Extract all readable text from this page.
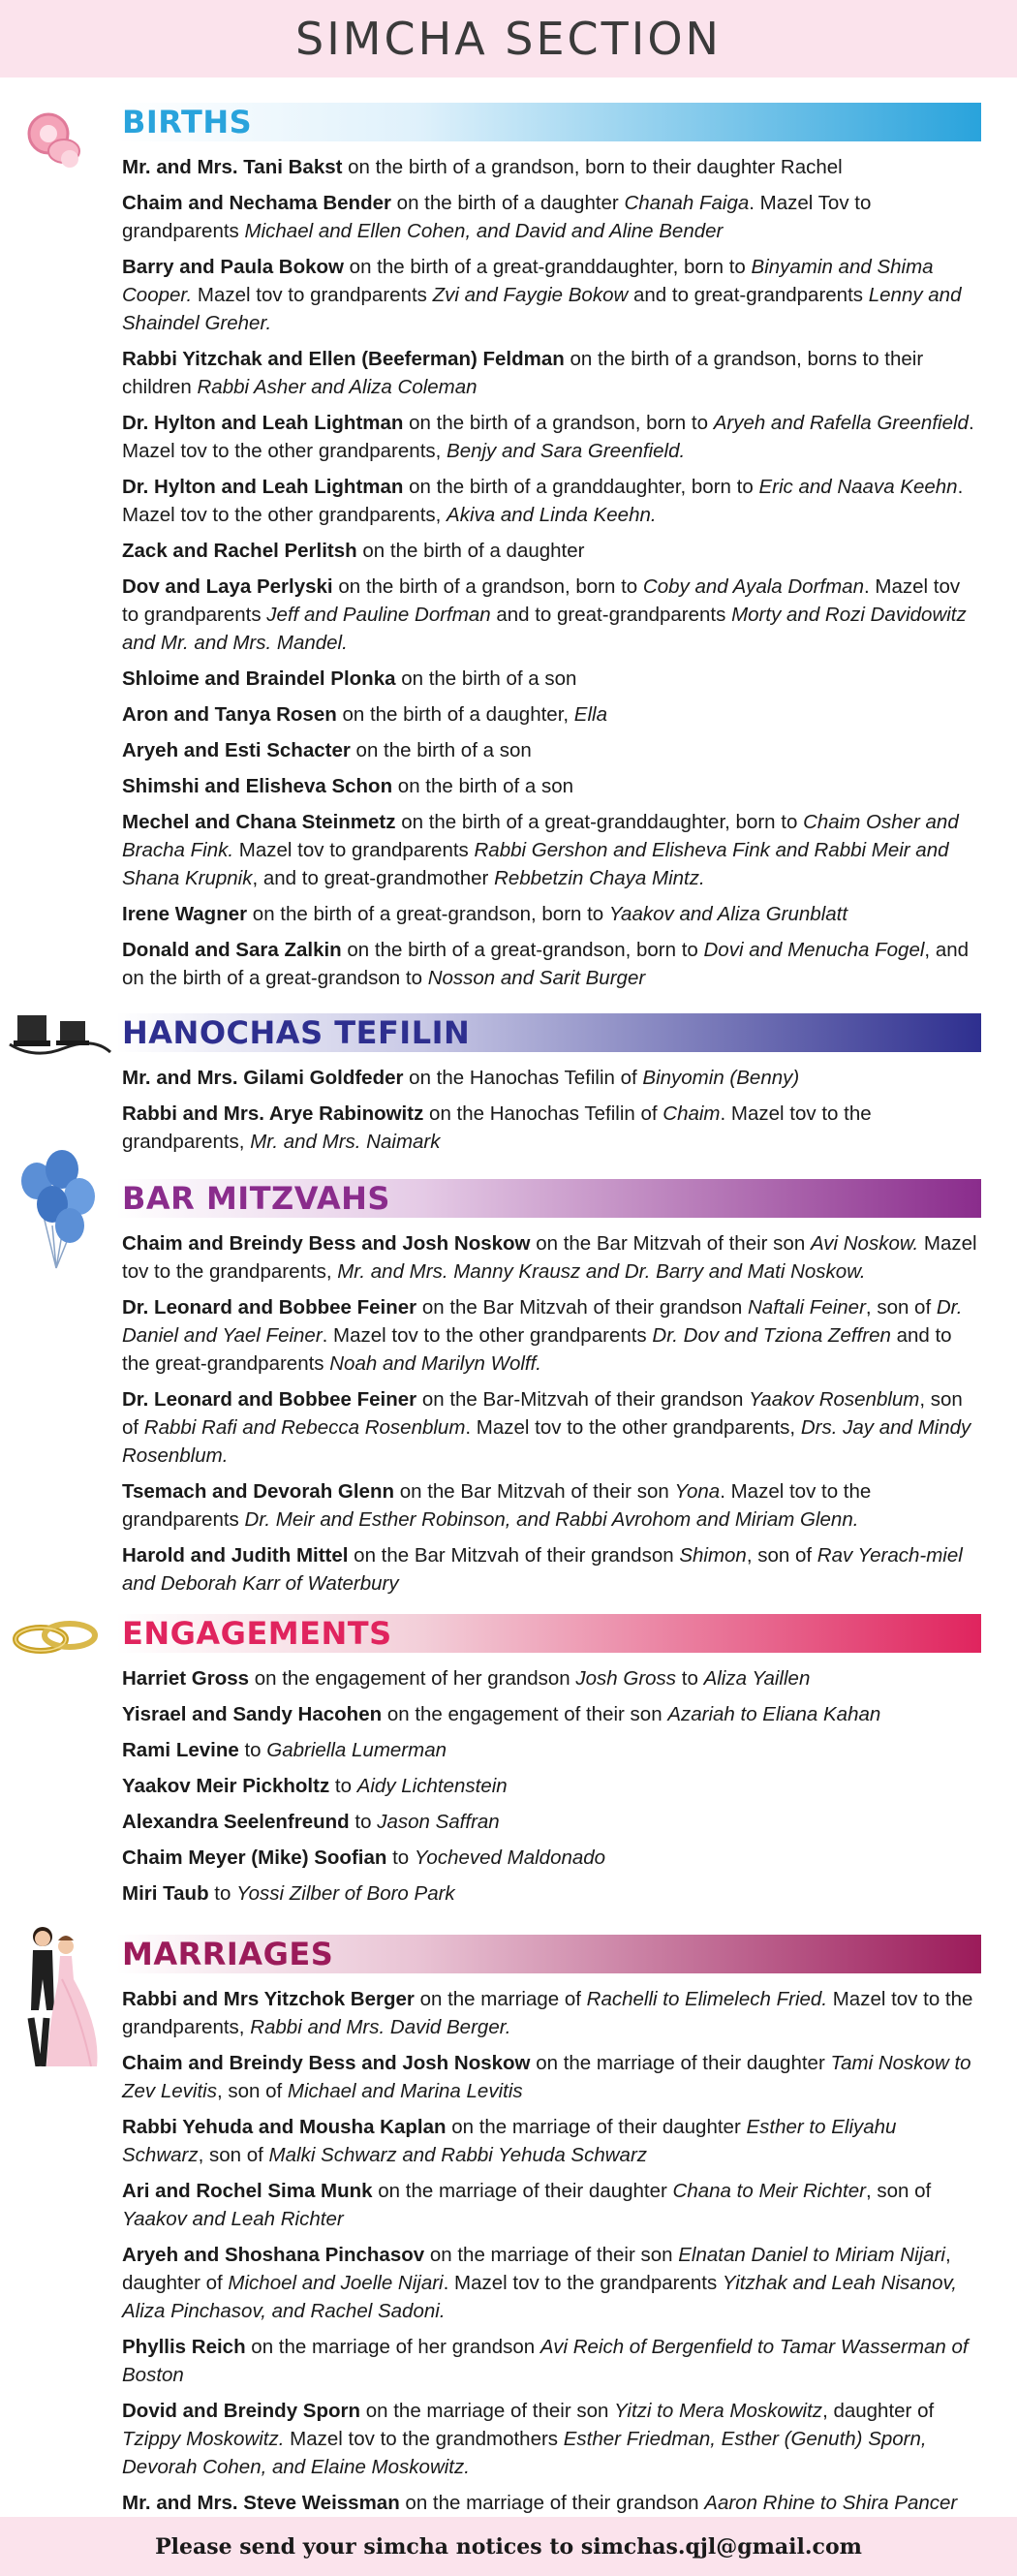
SIMCHA SECTION
BIRTHS

Mr. and Mrs. Tani Bakst on the birth of a grandson, born to their daughter Rachel

Chaim and Nechama Bender on the birth of a daughter Chanah Faiga. Mazel Tov to grandparents Michael and Ellen Cohen, and David and Aline Bender

Barry and Paula Bokow on the birth of a great-granddaughter, born to Binyamin and Shima Cooper. Mazel tov to grandparents Zvi and Faygie Bokow and to great-grandparents Lenny and Shaindel Greher.

Rabbi Yitzchak and Ellen (Beeferman) Feldman on the birth of a grandson, borns to their children Rabbi Asher and Aliza Coleman

Dr. Hylton and Leah Lightman on the birth of a grandson, born to Aryeh and Rafella Greenfield. Mazel tov to the other grandparents, Benjy and Sara Greenfield.

Dr. Hylton and Leah Lightman on the birth of a granddaughter, born to Eric and Naava Keehn. Mazel tov to the other grandparents, Akiva and Linda Keehn.

Zack and Rachel Perlitsh on the birth of a daughter

Dov and Laya Perlyski on the birth of a grandson, born to Coby and Ayala Dorfman. Mazel tov to grandparents Jeff and Pauline Dorfman and to great-grandparents Morty and Rozi Davidowitz and Mr. and Mrs. Mandel.

Shloime and Braindel Plonka on the birth of a son

Aron and Tanya Rosen on the birth of a daughter, Ella

Aryeh and Esti Schacter on the birth of a son

Shimshi and Elisheva Schon on the birth of a son

Mechel and Chana Steinmetz on the birth of a great-granddaughter, born to Chaim Osher and Bracha Fink. Mazel tov to grandparents Rabbi Gershon and Elisheva Fink and Rabbi Meir and Shana Krupnik, and to great-grandmother Rebbetzin Chaya Mintz.

Irene Wagner on the birth of a great-grandson, born to Yaakov and Aliza Grunblatt

Donald and Sara Zalkin on the birth of a great-grandson, born to Dovi and Menucha Fogel, and on the birth of a great-grandson to Nosson and Sarit Burger

HANOCHAS TEFILIN

Mr. and Mrs. Gilami Goldfeder on the Hanochas Tefilin of Binyomin (Benny)

Rabbi and Mrs. Arye Rabinowitz on the Hanochas Tefilin of Chaim. Mazel tov to the grandparents, Mr. and Mrs. Naimark

BAR MITZVAHS

Chaim and Breindy Bess and Josh Noskow on the Bar Mitzvah of their son Avi Noskow. Mazel tov to the grandparents, Mr. and Mrs. Manny Krausz and Dr. Barry and Mati Noskow.

Dr. Leonard and Bobbee Feiner on the Bar Mitzvah of their grandson Naftali Feiner, son of Dr. Daniel and Yael Feiner. Mazel tov to the other grandparents Dr. Dov and Tziona Zeffren and to the great-grandparents Noah and Marilyn Wolff.

Dr. Leonard and Bobbee Feiner on the Bar-Mitzvah of their grandson Yaakov Rosenblum, son of Rabbi Rafi and Rebecca Rosenblum. Mazel tov to the other grandparents, Drs. Jay and Mindy Rosenblum.

Tsemach and Devorah Glenn on the Bar Mitzvah of their son Yona. Mazel tov to the grandparents Dr. Meir and Esther Robinson, and Rabbi Avrohom and Miriam Glenn.

Harold and Judith Mittel on the Bar Mitzvah of their grandson Shimon, son of Rav Yerach-miel and Deborah Karr of Waterbury

ENGAGEMENTS

Harriet Gross on the engagement of her grandson Josh Gross to Aliza Yaillen

Yisrael and Sandy Hacohen on the engagement of their son Azariah to Eliana Kahan

Rami Levine to Gabriella Lumerman

Yaakov Meir Pickholtz to Aidy Lichtenstein

Alexandra Seelenfreund to Jason Saffran

Chaim Meyer (Mike) Soofian to Yocheved Maldonado

Miri Taub to Yossi Zilber of Boro Park

MARRIAGES

Rabbi and Mrs Yitzchok Berger on the marriage of Rachelli to Elimelech Fried. Mazel tov to the grandparents, Rabbi and Mrs. David Berger.

Chaim and Breindy Bess and Josh Noskow on the marriage of their daughter Tami Noskow to Zev Levitis, son of Michael and Marina Levitis

Rabbi Yehuda and Mousha Kaplan on the marriage of their daughter Esther to Eliyahu Schwarz, son of Malki Schwarz and Rabbi Yehuda Schwarz

Ari and Rochel Sima Munk on the marriage of their daughter Chana to Meir Richter, son of Yaakov and Leah Richter

Aryeh and Shoshana Pinchasov on the marriage of their son Elnatan Daniel to Miriam Nijari, daughter of Michoel and Joelle Nijari. Mazel tov to the grandparents Yitzhak and Leah Nisanov, Aliza Pinchasov, and Rachel Sadoni.

Phyllis Reich on the marriage of her grandson Avi Reich of Bergenfield to Tamar Wasserman of Boston

Dovid and Breindy Sporn on the marriage of their son Yitzi to Mera Moskowitz, daughter of Tzippy Moskowitz. Mazel tov to the grandmothers Esther Friedman, Esther (Genuth) Sporn, Devorah Cohen, and Elaine Moskowitz.

Mr. and Mrs. Steve Weissman on the marriage of their grandson Aaron Rhine to Shira Pancer

Please send your simcha notices to simchas.qjl@gmail.com
